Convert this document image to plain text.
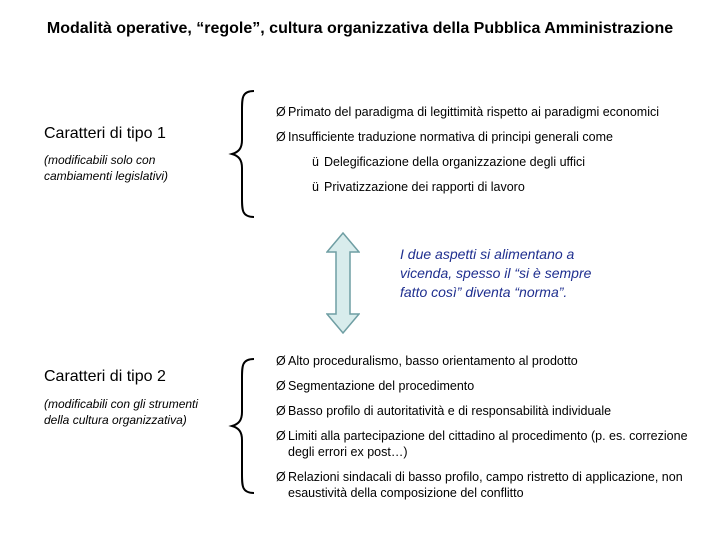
Modalità operative, “regole”, cultura organizzativa della Pubblica Amministrazione
Caratteri di tipo 1
(modificabili solo con cambiamenti legislativi)
Ø Primato del paradigma di legittimità rispetto ai paradigmi economici
Ø Insufficiente traduzione normativa di principi generali come
ü Delegificazione della organizzazione degli uffici
ü Privatizzazione dei rapporti di lavoro
I due aspetti si alimentano a vicenda, spesso il “si è sempre fatto così” diventa “norma”.
Caratteri di tipo 2
(modificabili con gli strumenti della cultura organizzativa)
Ø Alto proceduralismo, basso orientamento al prodotto
Ø Segmentazione del procedimento
Ø Basso profilo di autoritatività e di responsabilità individuale
Ø Limiti alla partecipazione del cittadino al procedimento (p. es. correzione degli errori ex post…)
Ø Relazioni sindacali di basso profilo, campo ristretto di applicazione, non esaustività della composizione del conflitto
